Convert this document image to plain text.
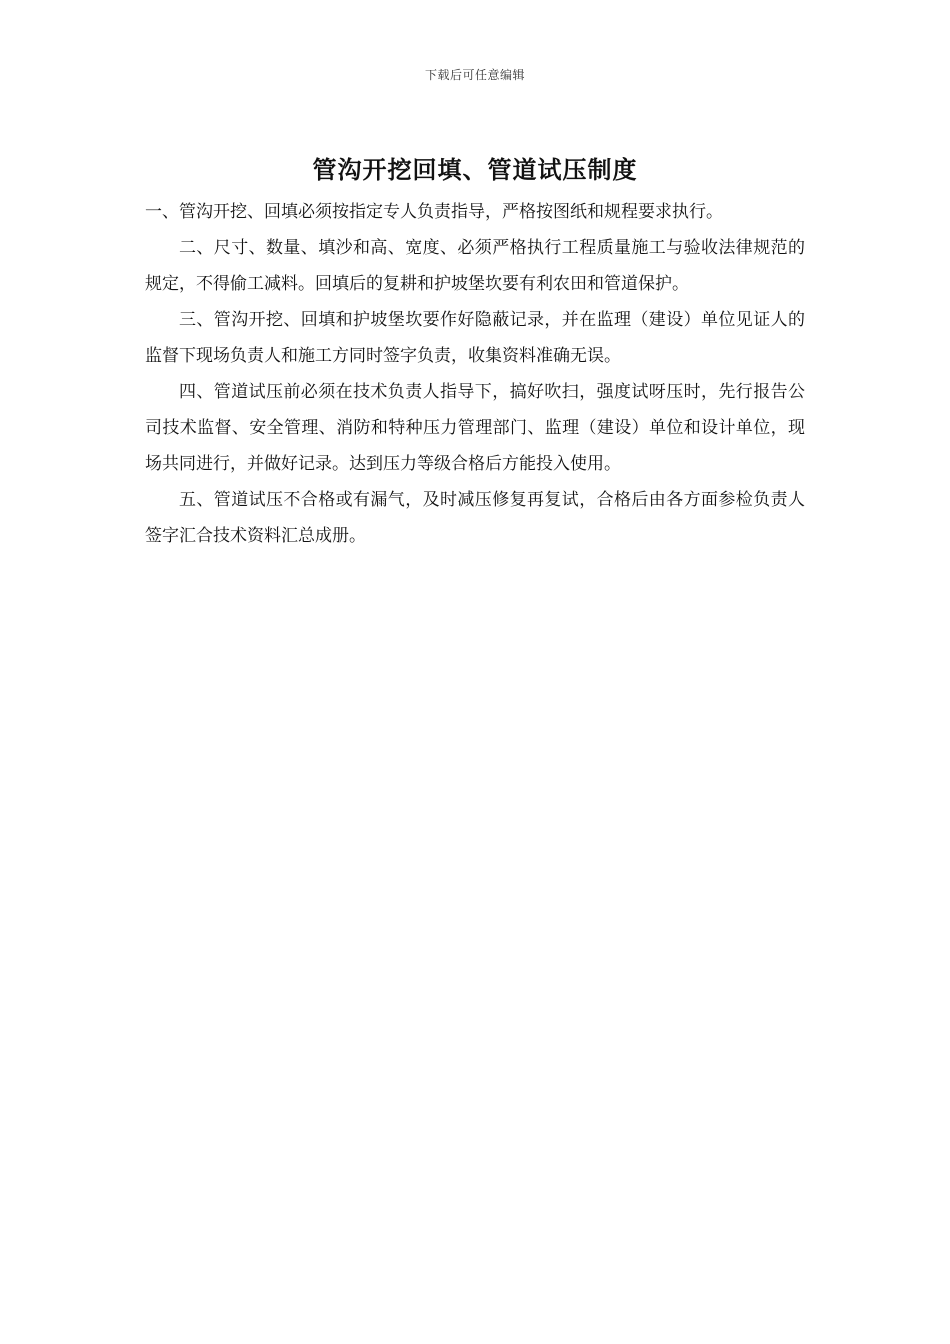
下载后可任意编辑
管沟开挖回填、管道试压制度

一、管沟开挖、回填必须按指定专人负责指导，严格按图纸和规程要求执行。

二、尺寸、数量、填沙和高、宽度、必须严格执行工程质量施工与验收法律规范的规定，不得偷工减料。回填后的复耕和护坡堡坎要有利农田和管道保护。

三、管沟开挖、回填和护坡堡坎要作好隐蔽记录，并在监理（建设）单位见证人的监督下现场负责人和施工方同时签字负责，收集资料准确无误。

四、管道试压前必须在技术负责人指导下，搞好吹扫，强度试呀压时，先行报告公司技术监督、安全管理、消防和特种压力管理部门、监理（建设）单位和设计单位，现场共同进行，并做好记录。达到压力等级合格后方能投入使用。

五、管道试压不合格或有漏气，及时减压修复再复试，合格后由各方面参检负责人签字汇合技术资料汇总成册。
